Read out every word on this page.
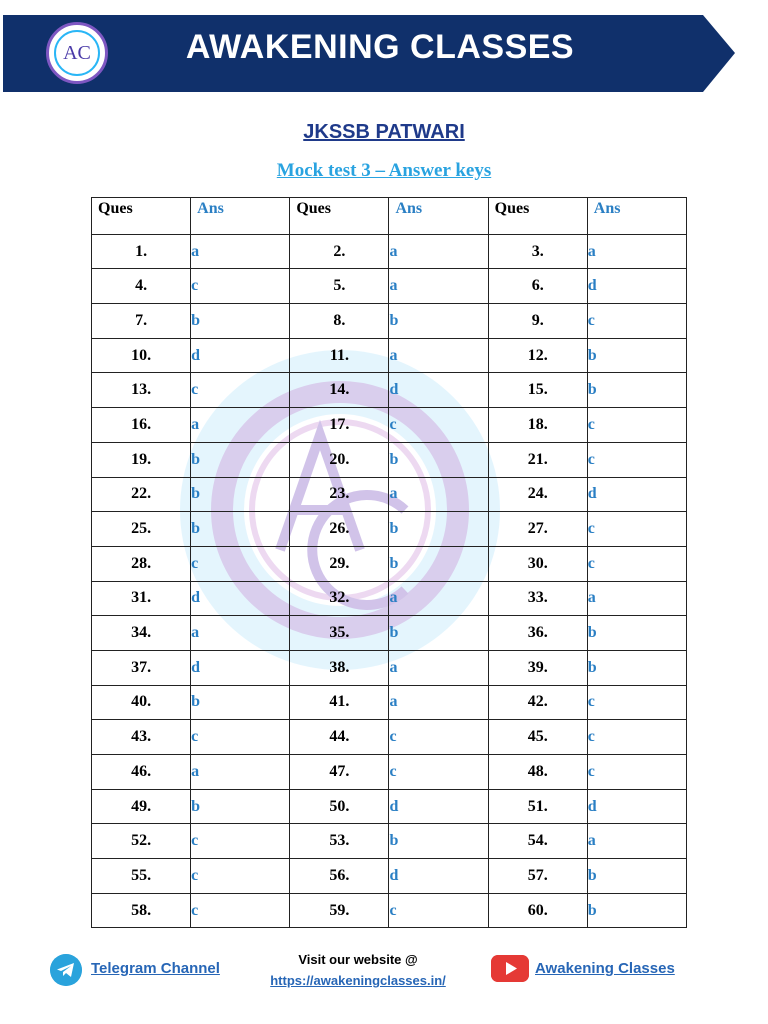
AC	AWAKENING CLASSES
JKSSB PATWARI
Mock test 3 – Answer keys
Ques	Ans	Ques	Ans	Ques	Ans
1.	a	2.	a	3.	a
4.	c	5.	a	6.	d
7.	b	8.	b	9.	c
10.	d	11.	a	12.	b
13.	c	14.	d	15.	b
16.	a	17.	c	18.	c
19.	b	20.	b	21.	c
22.	b	23.	a	24.	d
25.	b	26.	b	27.	c
28.	c	29.	b	30.	c
31.	d	32.	a	33.	a
34.	a	35.	b	36.	b
37.	d	38.	a	39.	b
40.	b	41.	a	42.	c
43.	c	44.	c	45.	c
46.	a	47.	c	48.	c
49.	b	50.	d	51.	d
52.	c	53.	b	54.	a
55.	c	56.	d	57.	b
58.	c	59.	c	60.	b
Telegram Channel
Visit our website @
https://awakeningclasses.in/
Awakening Classes
